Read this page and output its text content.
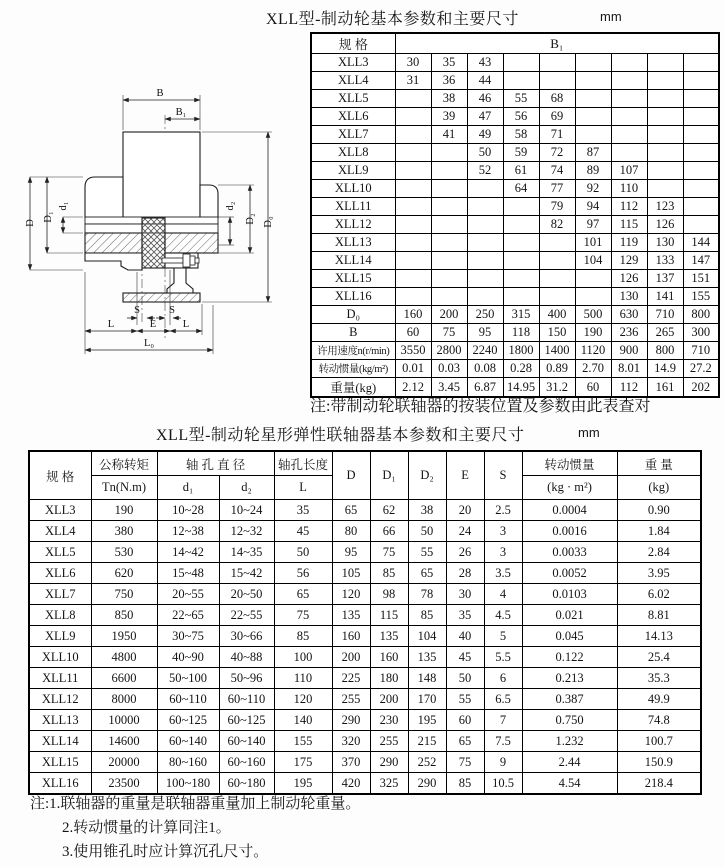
XLL型-制动轮基本参数和主要尺寸	mm
B
B₁
D
D₁
d₁	d₂
D₂ D₀
S	S
L	E	L
L₀
规 格	B₁								
XLL3	30	35	43						
XLL4	31	36	44						
XLL5		38	46	55	68				
XLL6		39	47	56	69				
XLL7		41	49	58	71				
XLL8			50	59	72	87			
XLL9			52	61	74	89	107		
XLL10				64	77	92	110		
XLL11					79	94	112	123	
XLL12					82	97	115	126	
XLL13						101	119	130	144
XLL14						104	129	133	147
XLL15							126	137	151
XLL16							130	141	155
D₀	160	200	250	315	400	500	630	710	800
B	60	75	95	118	150	190	236	265	300
许用速度n(r/min)	3550	2800	2240	1800	1400	1120	900	800	710
转动惯量(kg/m²)	0.01	0.03	0.08	0.28	0.89	2.70	8.01	14.9	27.2
重量(kg)	2.12	3.45	6.87	14.95	31.2	60	112	161	202
注:带制动轮联轴器的按装位置及参数由此表查对
XLL型-制动轮星形弹性联轴器基本参数和主要尺寸	mm
规 格	公称转矩	轴 孔 直 径		轴孔长度	D	D₁	D₂	E	S	转动惯量	重 量
	Tn(N.m)	d₁	d₂	L						(kg · m²)	(kg)
XLL3	190	10~28	10~24	35	65	62	38	20	2.5	0.0004	0.90
XLL4	380	12~38	12~32	45	80	66	50	24	3	0.0016	1.84
XLL5	530	14~42	14~35	50	95	75	55	26	3	0.0033	2.84
XLL6	620	15~48	15~42	56	105	85	65	28	3.5	0.0052	3.95
XLL7	750	20~55	20~50	65	120	98	78	30	4	0.0103	6.02
XLL8	850	22~65	22~55	75	135	115	85	35	4.5	0.021	8.81
XLL9	1950	30~75	30~66	85	160	135	104	40	5	0.045	14.13
XLL10	4800	40~90	40~88	100	200	160	135	45	5.5	0.122	25.4
XLL11	6600	50~100	50~96	110	225	180	148	50	6	0.213	35.3
XLL12	8000	60~110	60~110	120	255	200	170	55	6.5	0.387	49.9
XLL13	10000	60~125	60~125	140	290	230	195	60	7	0.750	74.8
XLL14	14600	60~140	60~140	155	320	255	215	65	7.5	1.232	100.7
XLL15	20000	80~160	60~160	175	370	290	252	75	9	2.44	150.9
XLL16	23500	100~180	60~180	195	420	325	290	85	10.5	4.54	218.4
注:1.联轴器的重量是联轴器重量加上制动轮重量。
2.转动惯量的计算同注1。
3.使用锥孔时应计算沉孔尺寸。
